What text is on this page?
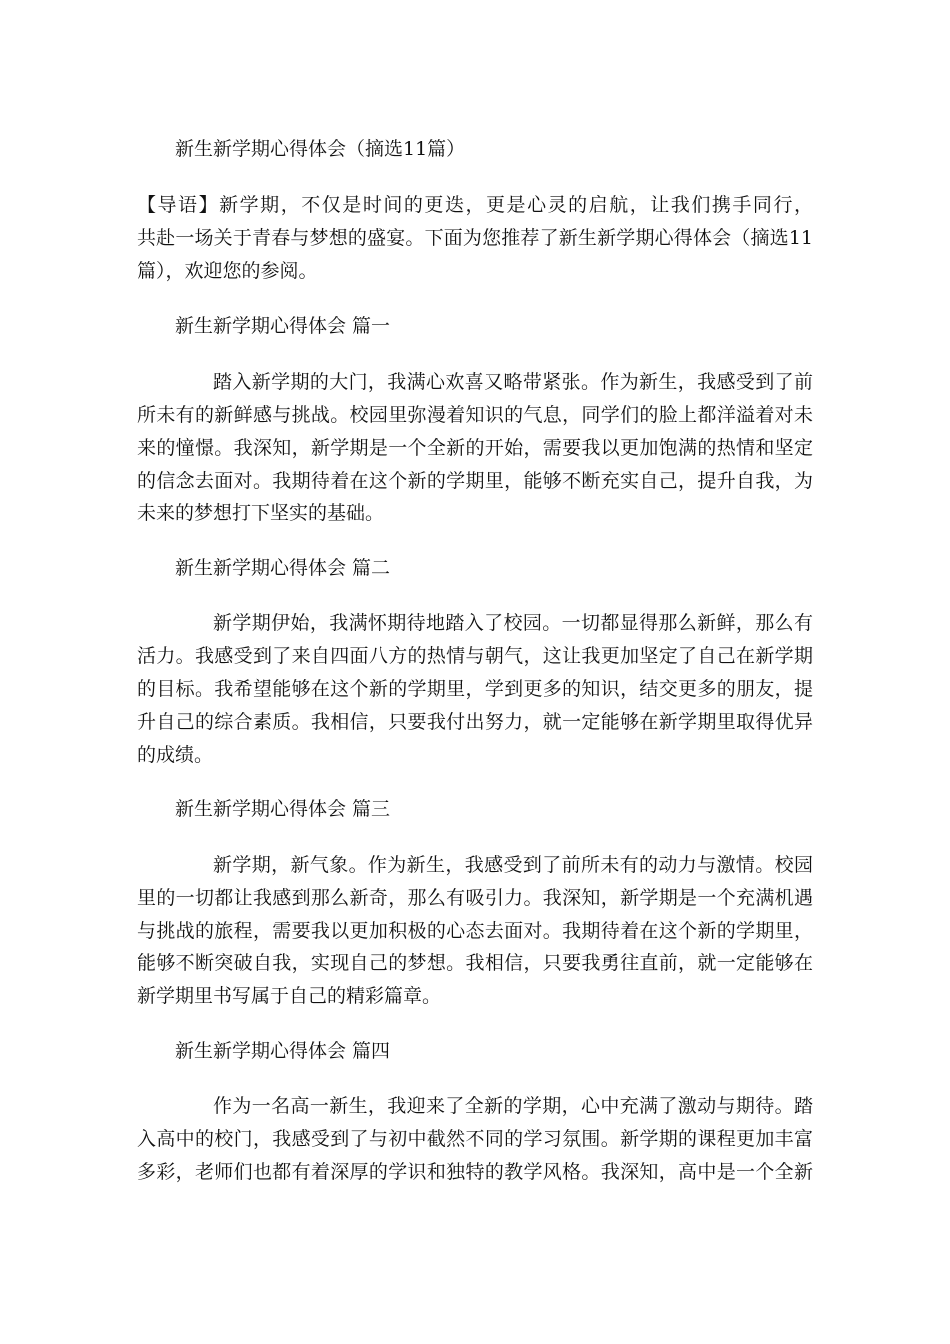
新生新学期心得体会（摘选11篇）

【导语】新学期，不仅是时间的更迭，更是心灵的启航，让我们携手同行，

共赴一场关于青春与梦想的盛宴。下面为您推荐了新生新学期心得体会（摘选11

篇），欢迎您的参阅。

新生新学期心得体会 篇一

踏入新学期的大门，我满心欢喜又略带紧张。作为新生，我感受到了前

所未有的新鲜感与挑战。校园里弥漫着知识的气息，同学们的脸上都洋溢着对未

来的憧憬。我深知，新学期是一个全新的开始，需要我以更加饱满的热情和坚定

的信念去面对。我期待着在这个新的学期里，能够不断充实自己，提升自我，为

未来的梦想打下坚实的基础。

新生新学期心得体会 篇二

新学期伊始，我满怀期待地踏入了校园。一切都显得那么新鲜，那么有

活力。我感受到了来自四面八方的热情与朝气，这让我更加坚定了自己在新学期

的目标。我希望能够在这个新的学期里，学到更多的知识，结交更多的朋友，提

升自己的综合素质。我相信，只要我付出努力，就一定能够在新学期里取得优异

的成绩。

新生新学期心得体会 篇三

新学期，新气象。作为新生，我感受到了前所未有的动力与激情。校园

里的一切都让我感到那么新奇，那么有吸引力。我深知，新学期是一个充满机遇

与挑战的旅程，需要我以更加积极的心态去面对。我期待着在这个新的学期里，

能够不断突破自我，实现自己的梦想。我相信，只要我勇往直前，就一定能够在

新学期里书写属于自己的精彩篇章。

新生新学期心得体会 篇四

作为一名高一新生，我迎来了全新的学期，心中充满了激动与期待。踏

入高中的校门，我感受到了与初中截然不同的学习氛围。新学期的课程更加丰富

多彩，老师们也都有着深厚的学识和独特的教学风格。我深知，高中是一个全新
